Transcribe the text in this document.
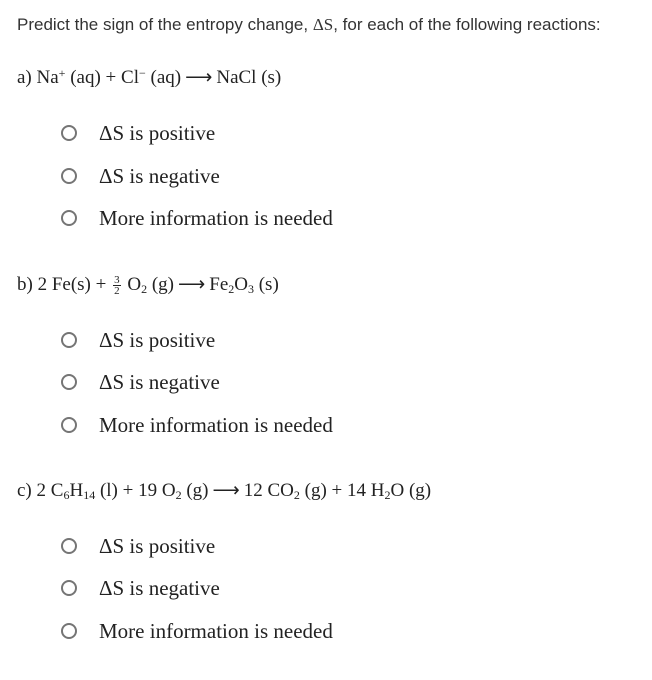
Predict the sign of the entropy change, ΔS, for each of the following reactions:
a) Na+ (aq) + Cl− (aq) ⟶ NaCl (s)
ΔS is positive
ΔS is negative
More information is needed
b) 2 $Fe(s) + \frac{3}{2} O_2$ (g) ⟶ $Fe_2O_3$ (s)
ΔS is positive
ΔS is negative
More information is needed
c) 2 $C_6H_{14}$ (l) + 19 $O_2$ (g) ⟶ 12 $CO_2$ (g) + 14 $H_2O$ (g)
ΔS is positive
ΔS is negative
More information is needed
